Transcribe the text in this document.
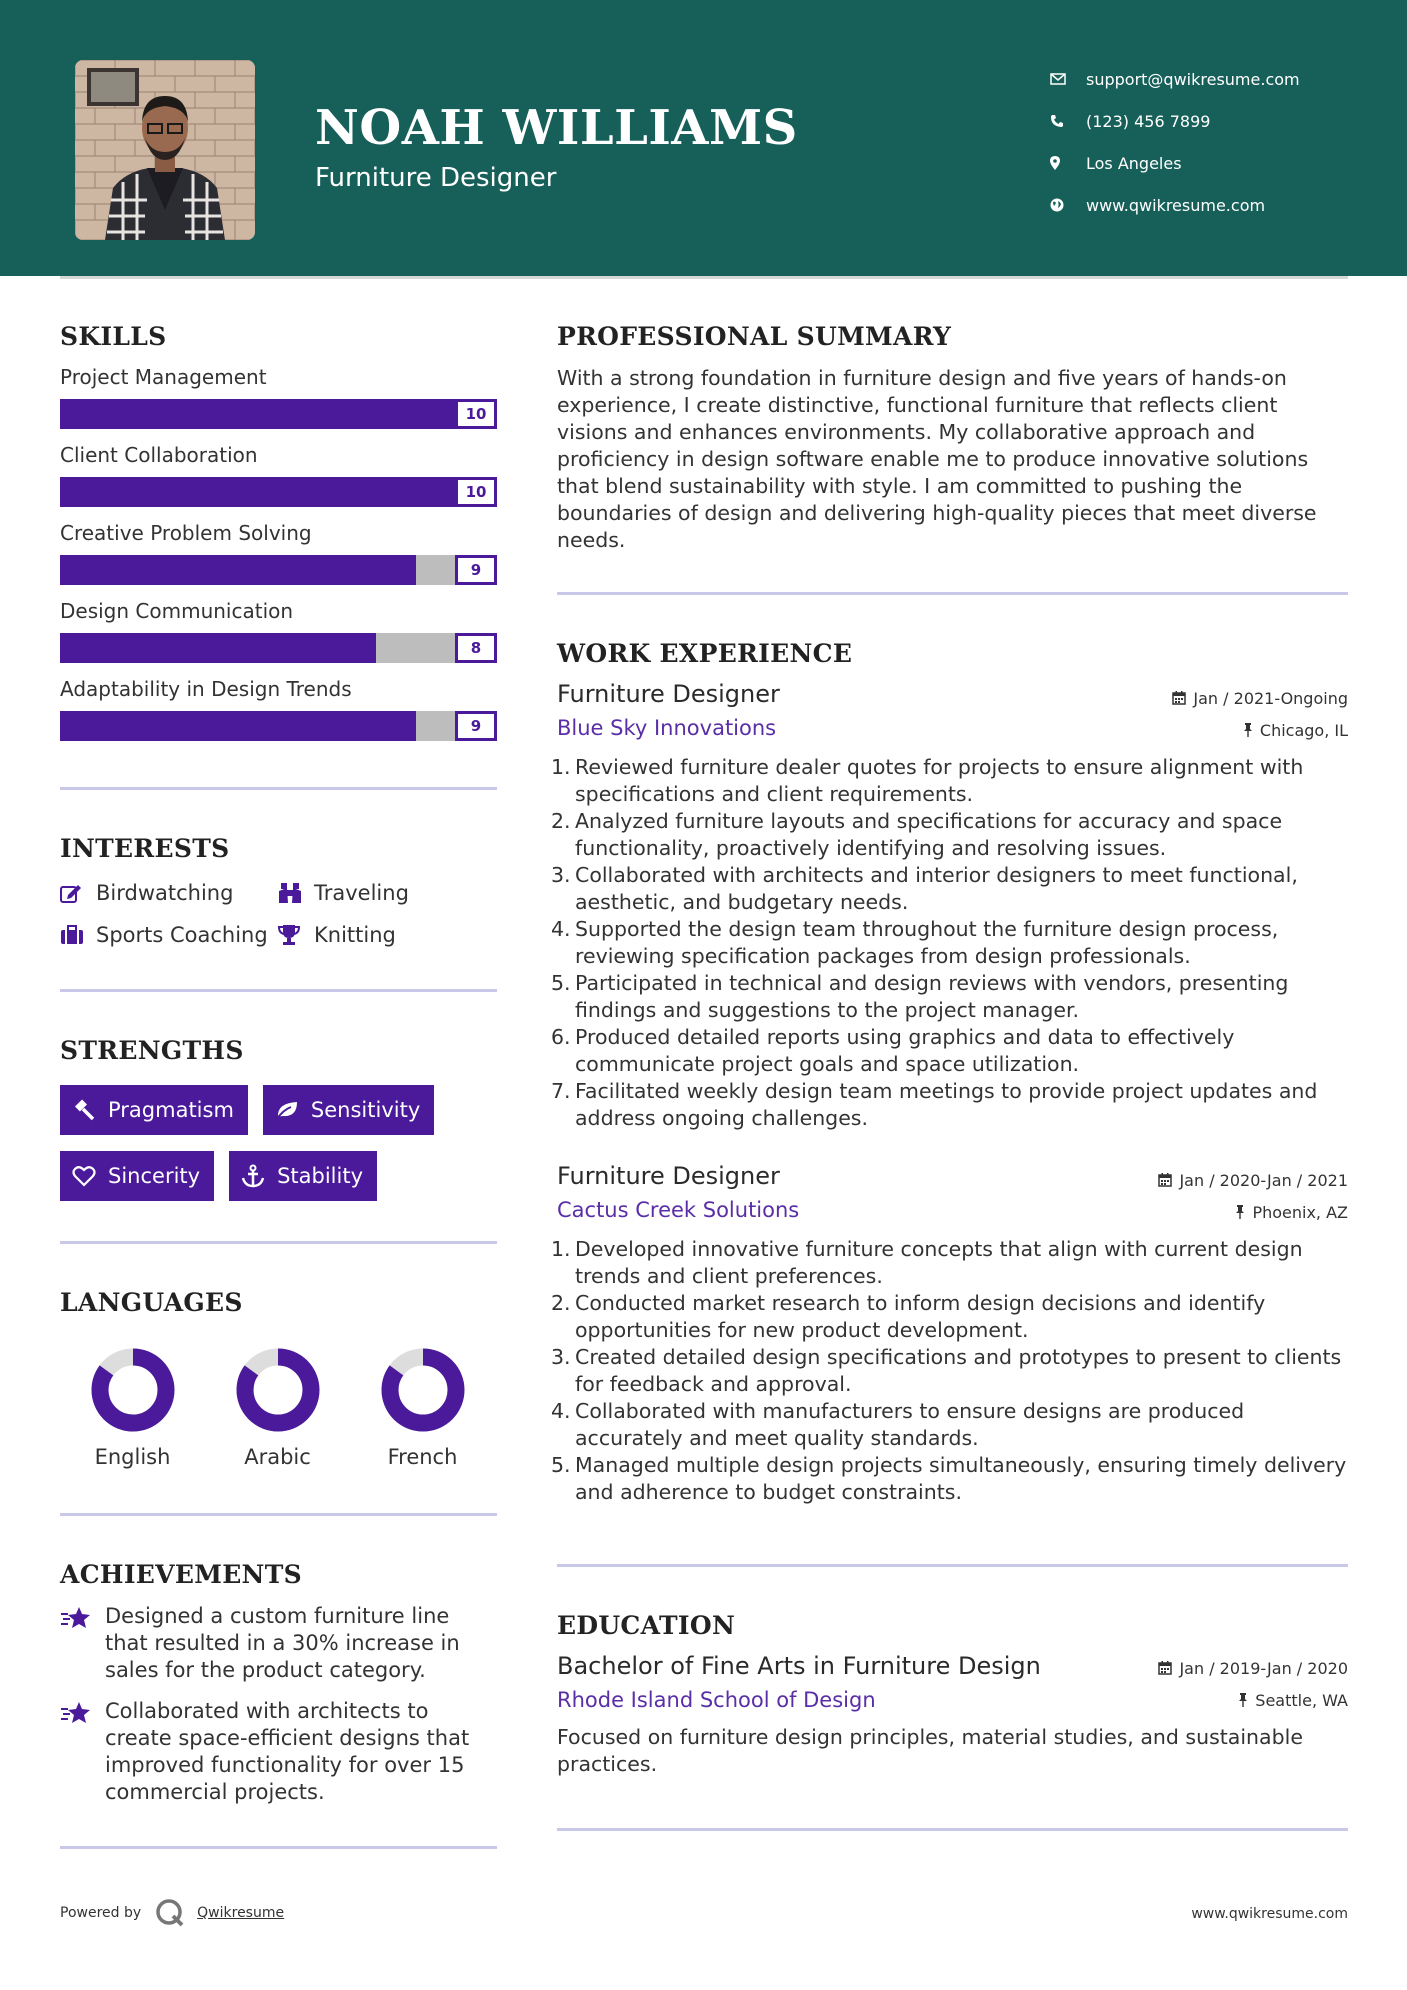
NOAH WILLIAMS
Furniture Designer
support@qwikresume.com
(123) 456 7899
Los Angeles
www.qwikresume.com
SKILLS
Project Management
10
Client Collaboration
10
Creative Problem Solving
9
Design Communication
8
Adaptability in Design Trends
9
INTERESTS
Birdwatching	Traveling
Sports Coaching Knitting
STRENGTHS
Pragmatism	Sensitivity
Sincerity	Stability
LANGUAGES
English	Arabic	French
ACHIEVEMENTS
Designed a custom furniture line that resulted in a 30% increase in sales for the product category.
Collaborated with architects to create space-efficient designs that improved functionality for over 15 commercial projects.
PROFESSIONAL SUMMARY
With a strong foundation in furniture design and five years of hands-on experience, I create distinctive, functional furniture that reflects client visions and enhances environments. My collaborative approach and proficiency in design software enable me to produce innovative solutions that blend sustainability with style. I am committed to pushing the boundaries of design and delivering high-quality pieces that meet diverse needs.
WORK EXPERIENCE
Furniture Designer
Blue Sky Innovations
Jan / 2021-Ongoing
Chicago, IL
Reviewed furniture dealer quotes for projects to ensure alignment with specifications and client requirements.
Analyzed furniture layouts and specifications for accuracy and space functionality, proactively identifying and resolving issues.
Collaborated with architects and interior designers to meet functional, aesthetic, and budgetary needs.
Supported the design team throughout the furniture design process, reviewing specification packages from design professionals.
Participated in technical and design reviews with vendors, presenting findings and suggestions to the project manager.
Produced detailed reports using graphics and data to effectively communicate project goals and space utilization.
Facilitated weekly design team meetings to provide project updates and address ongoing challenges.
Furniture Designer
Cactus Creek Solutions
Jan / 2020-Jan / 2021
Phoenix, AZ
Developed innovative furniture concepts that align with current design trends and client preferences.
Conducted market research to inform design decisions and identify opportunities for new product development.
Created detailed design specifications and prototypes to present to clients for feedback and approval.
Collaborated with manufacturers to ensure designs are produced accurately and meet quality standards.
Managed multiple design projects simultaneously, ensuring timely delivery and adherence to budget constraints.
EDUCATION
Bachelor of Fine Arts in Furniture Design
Rhode Island School of Design
Jan / 2019-Jan / 2020
Seattle, WA
Focused on furniture design principles, material studies, and sustainable practices.
Powered by	Qwikresume	www.qwikresume.com
